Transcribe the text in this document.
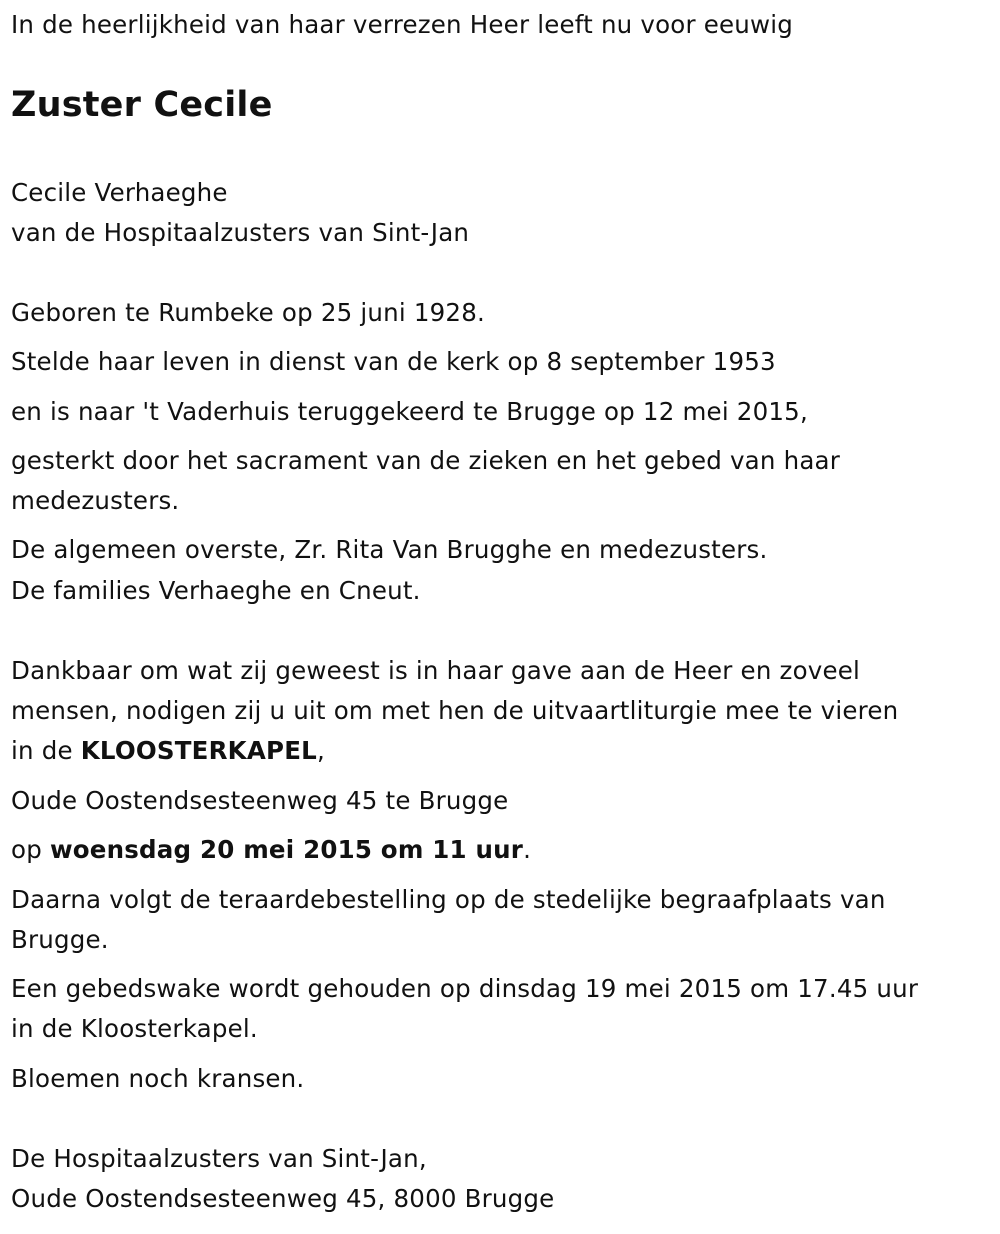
In de heerlijkheid van haar verrezen Heer leeft nu voor eeuwig
Zuster Cecile
Cecile Verhaeghe
van de Hospitaalzusters van Sint-Jan
Geboren te Rumbeke op 25 juni 1928.
Stelde haar leven in dienst van de kerk op 8 september 1953
en is naar 't Vaderhuis teruggekeerd te Brugge op 12 mei 2015,
gesterkt door het sacrament van de zieken en het gebed van haar
medezusters.
De algemeen overste, Zr. Rita Van Brugghe en medezusters.
De families Verhaeghe en Cneut.
Dankbaar om wat zij geweest is in haar gave aan de Heer en zoveel
mensen, nodigen zij u uit om met hen de uitvaartliturgie mee te vieren
in de KLOOSTERKAPEL,
Oude Oostendsesteenweg 45 te Brugge
op woensdag 20 mei 2015 om 11 uur.
Daarna volgt de teraardebestelling op de stedelijke begraafplaats van
Brugge.
Een gebedswake wordt gehouden op dinsdag 19 mei 2015 om 17.45 uur
in de Kloosterkapel.
Bloemen noch kransen.
De Hospitaalzusters van Sint-Jan,
Oude Oostendsesteenweg 45, 8000 Brugge
